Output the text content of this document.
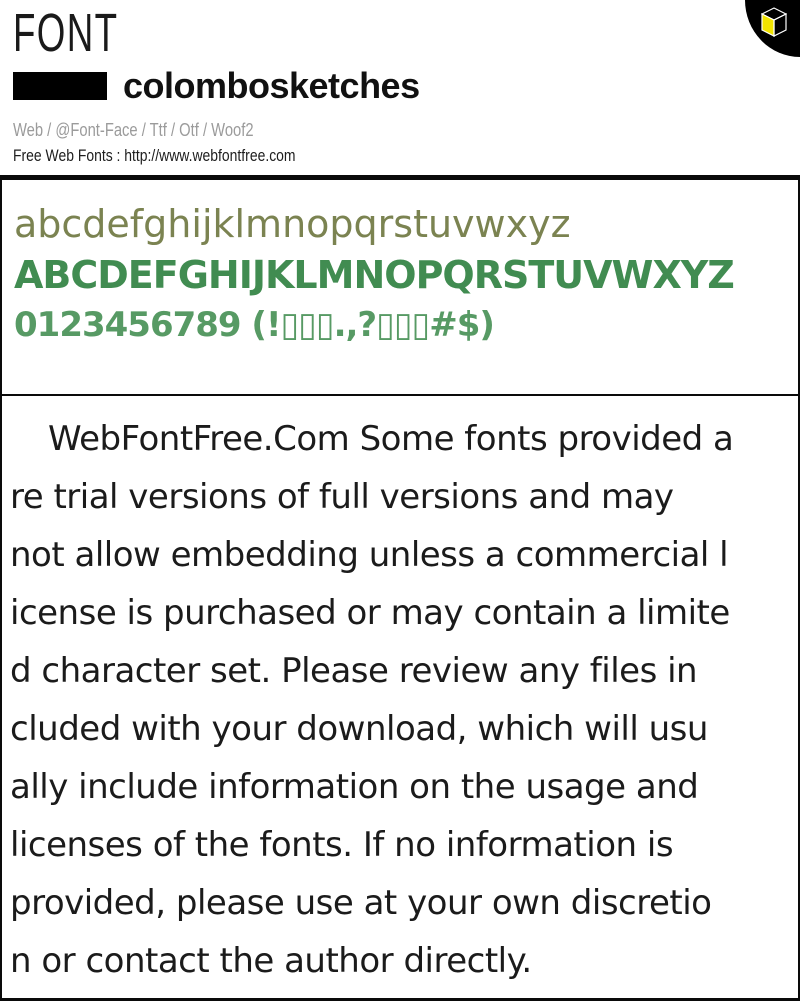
FONT
colombosketches
Web / @Font-Face / Ttf / Otf / Woof2
Free Web Fonts : http://www.webfontfree.com
abcdefghijklmnopqrstuvwxyz
ABCDEFGHIJKLMNOPQRSTUVWXYZ
0123456789 (!▯▯▯.,?▯▯▯#$)
WebFontFree.Com Some fonts provided a
re trial versions of full versions and may
not allow embedding unless a commercial l
icense is purchased or may contain a limite
d character set. Please review any files in
cluded with your download, which will usu
ally include information on the usage and
licenses of the fonts. If no information is
provided, please use at your own discretio
n or contact the author directly.
